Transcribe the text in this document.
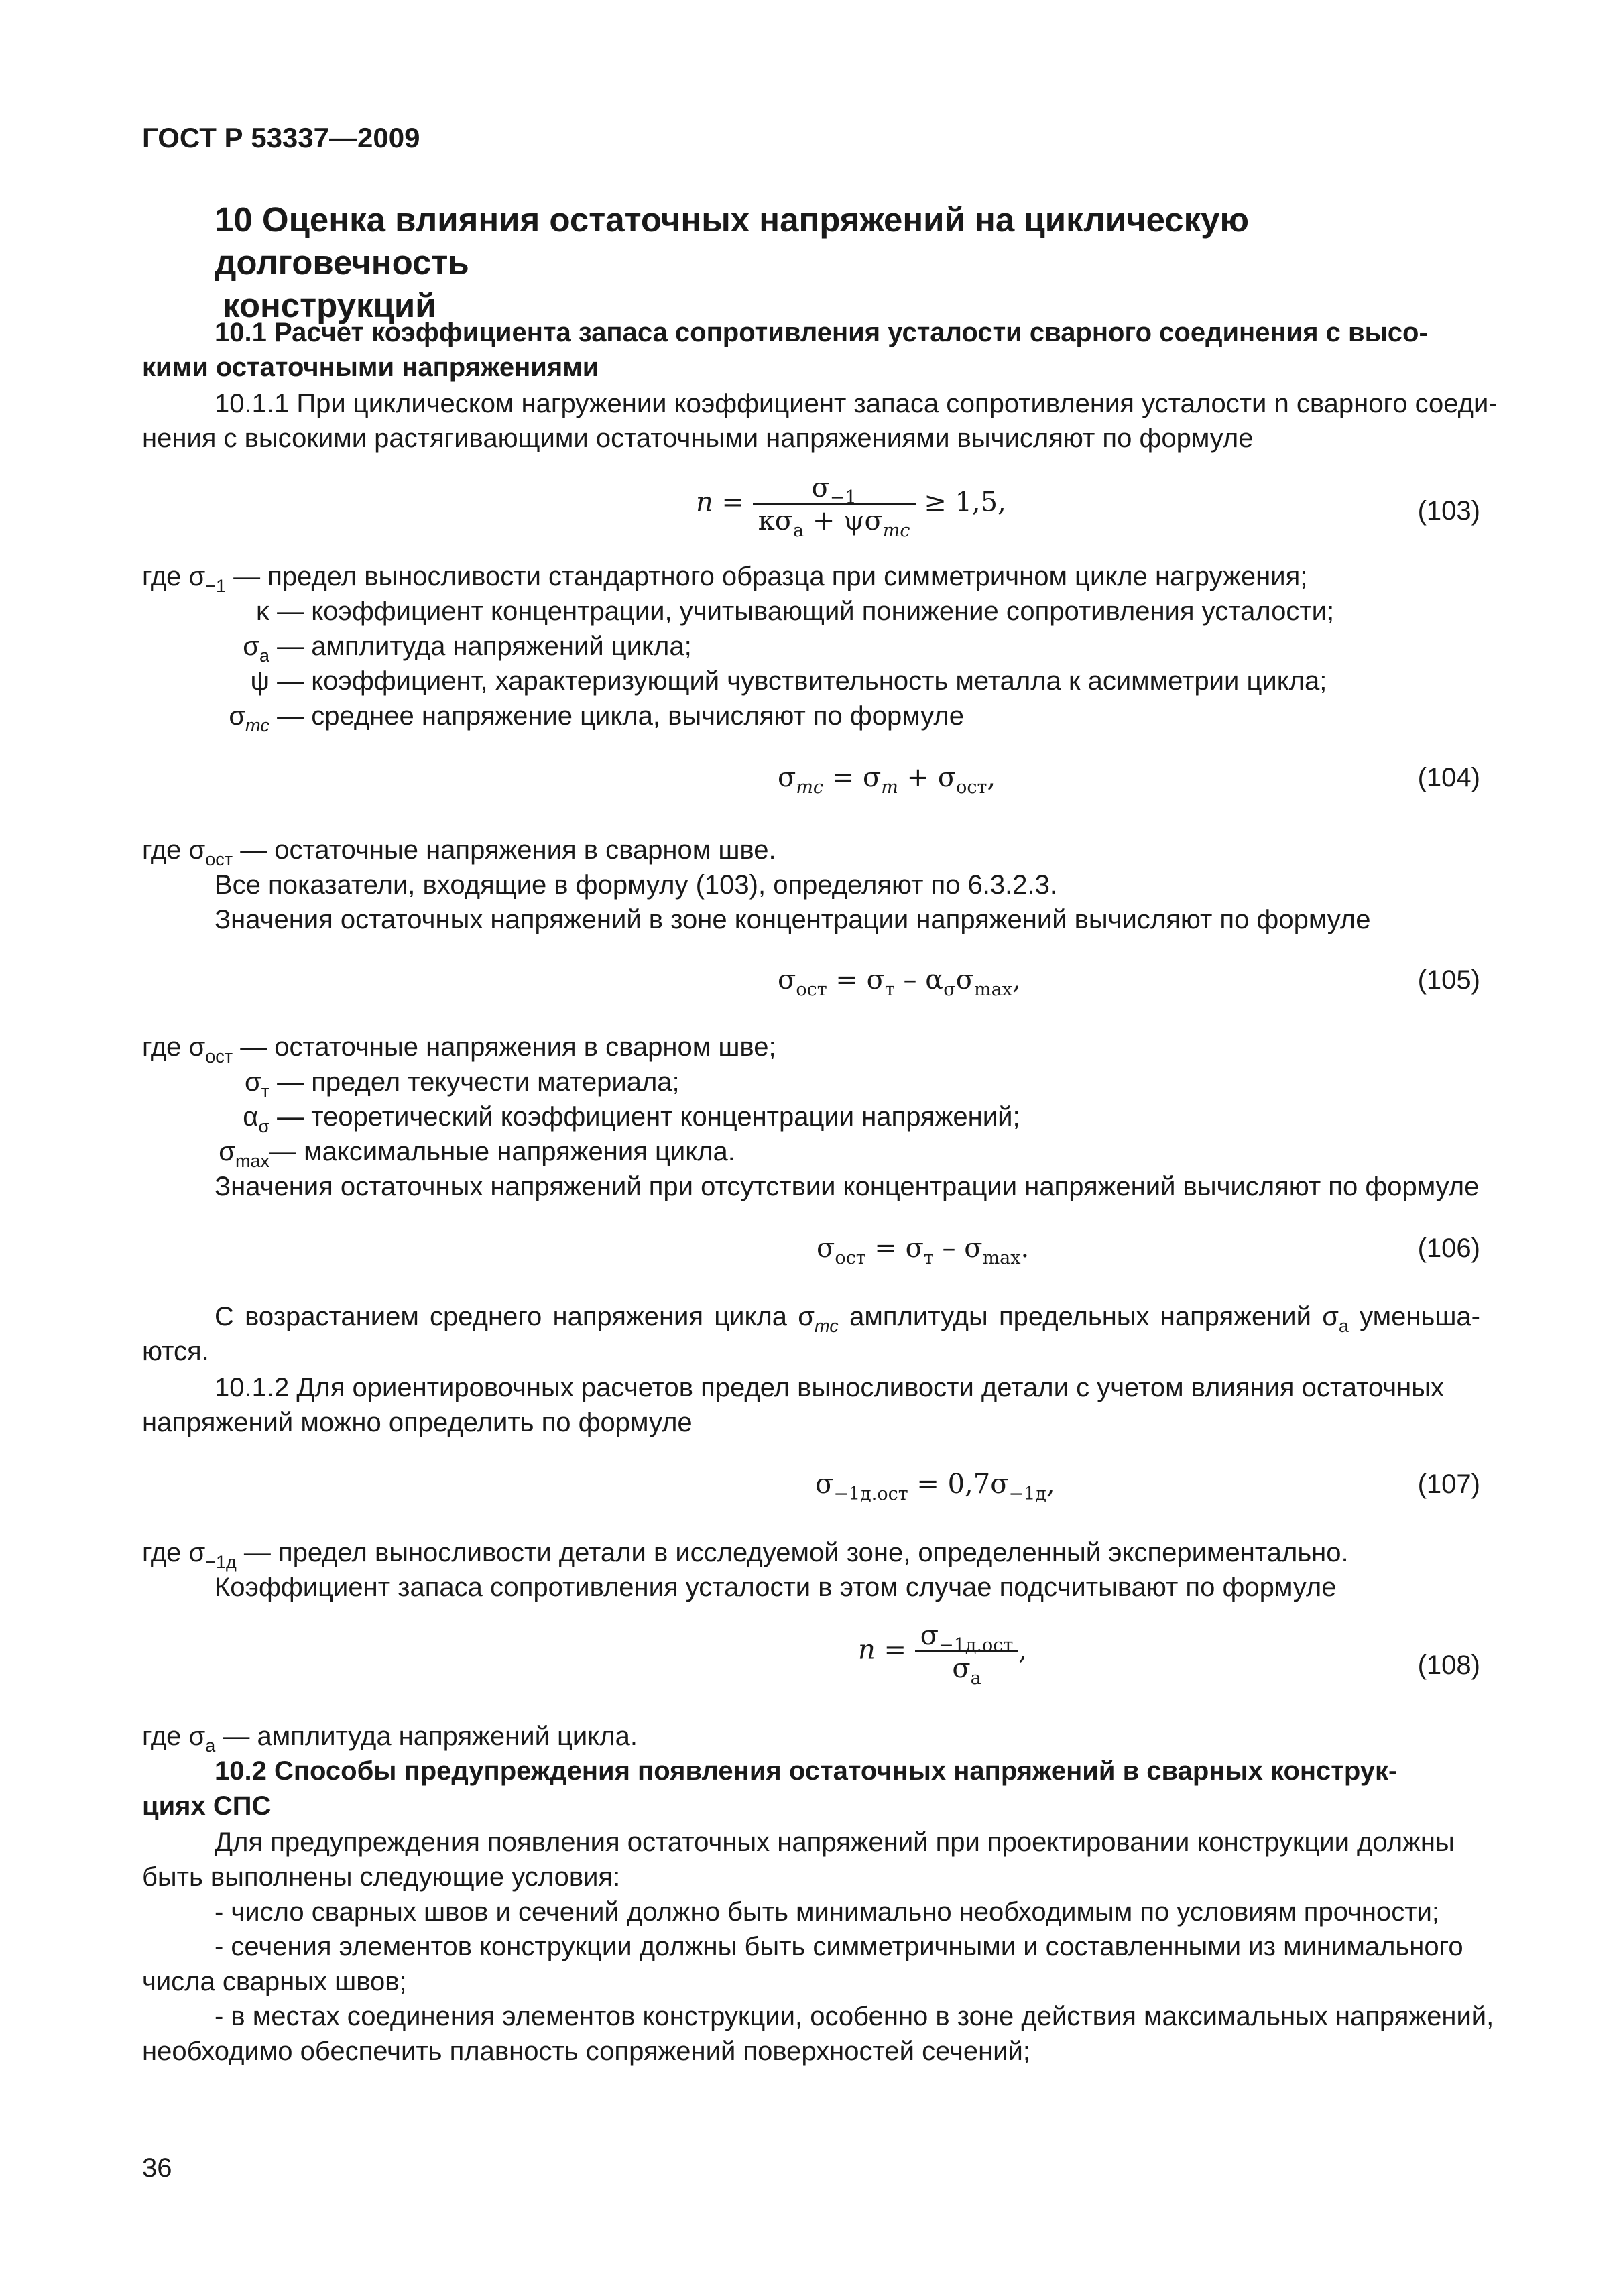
ГОСТ Р 53337—2009
10 Оценка влияния остаточных напряжений на циклическую долговечность
конструкций
10.1 Расчет коэффициента запаса сопротивления усталости сварного соединения с высо-
кими остаточными напряжениями
10.1.1 При циклическом нагружении коэффициент запаса сопротивления усталости n сварного соеди-
нения с высокими растягивающими остаточными напряжениями вычисляют по формуле
$n = \frac{\sigma_{-1}}{\kappa\sigma_a + \psi\sigma_{mc}} \ge 1,5$,	(103)
где $\sigma_{-1}$ — предел выносливости стандартного образца при симметричном цикле нагружения;
κ — коэффициент концентрации, учитывающий понижение сопротивления усталости;
$\sigma_a$ — амплитуда напряжений цикла;
ψ — коэффициент, характеризующий чувствительность металла к асимметрии цикла;
$\sigma_{mc}$ — среднее напряжение цикла, вычисляют по формуле
$\sigma_{mc} = \sigma_m + \sigma_{ост}$,	(104)
где $\sigma_{ост}$ — остаточные напряжения в сварном шве.
Все показатели, входящие в формулу (103), определяют по 6.3.2.3.
Значения остаточных напряжений в зоне концентрации напряжений вычисляют по формуле
$\sigma_{ост} = \sigma_т - \alpha_\sigma\sigma_{max}$,	(105)
где $\sigma_{ост}$ — остаточные напряжения в сварном шве;
$\sigma_т$ — предел текучести материала;
$\alpha_\sigma$ — теоретический коэффициент концентрации напряжений;
$\sigma_{max}—$ максимальные напряжения цикла.
Значения остаточных напряжений при отсутствии концентрации напряжений вычисляют по формуле
$\sigma_{ост} = \sigma_т - \sigma_{max}$.	(106)
С возрастанием среднего напряжения цикла $\sigma_{mc}$ амплитуды предельных напряжений $\sigma_a$ уменьша-
ются.
10.1.2 Для ориентировочных расчетов предел выносливости детали с учетом влияния остаточных
напряжений можно определить по формуле
$\sigma_{-1д.ост} = 0,7\sigma_{-1д}$,	(107)
где $\sigma_{-1д}$ — предел выносливости детали в исследуемой зоне, определенный экспериментально.
Коэффициент запаса сопротивления усталости в этом случае подсчитывают по формуле
$n = \frac{\sigma_{-1д.ост}}{\sigma_a}$ ,	(108)
где $\sigma_a$ — амплитуда напряжений цикла.
10.2 Способы предупреждения появления остаточных напряжений в сварных конструк-
циях СПС
Для предупреждения появления остаточных напряжений при проектировании конструкции должны
быть выполнены следующие условия:
- число сварных швов и сечений должно быть минимально необходимым по условиям прочности;
- сечения элементов конструкции должны быть симметричными и составленными из минимального
числа сварных швов;
- в местах соединения элементов конструкции, особенно в зоне действия максимальных напряжений,
необходимо обеспечить плавность сопряжений поверхностей сечений;
36
